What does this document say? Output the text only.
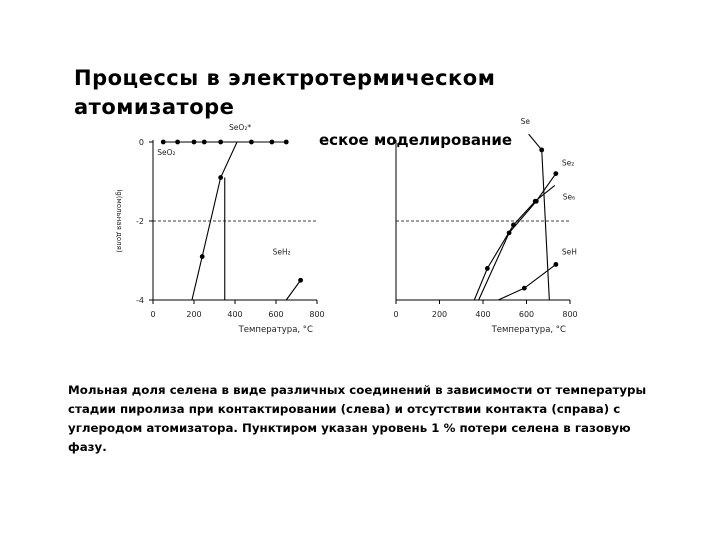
Процессы в электротермическом атомизаторе
0	200	400	600	800
0
-2
-4
Температура, °С
lg(мольная доля)
SeO₂
SeO₂*
SeH₂
0	200	400	600	800
Температура, °С
Se
Se₂
Se₆
SeH
еское моделирование

Мольная доля селена в виде различных соединений в зависимости от температуры стадии пиролиза при контактировании (слева) и отсутствии контакта (справа) с углеродом атомизатора. Пунктиром указан уровень 1 % потери селена в газовую фазу.
